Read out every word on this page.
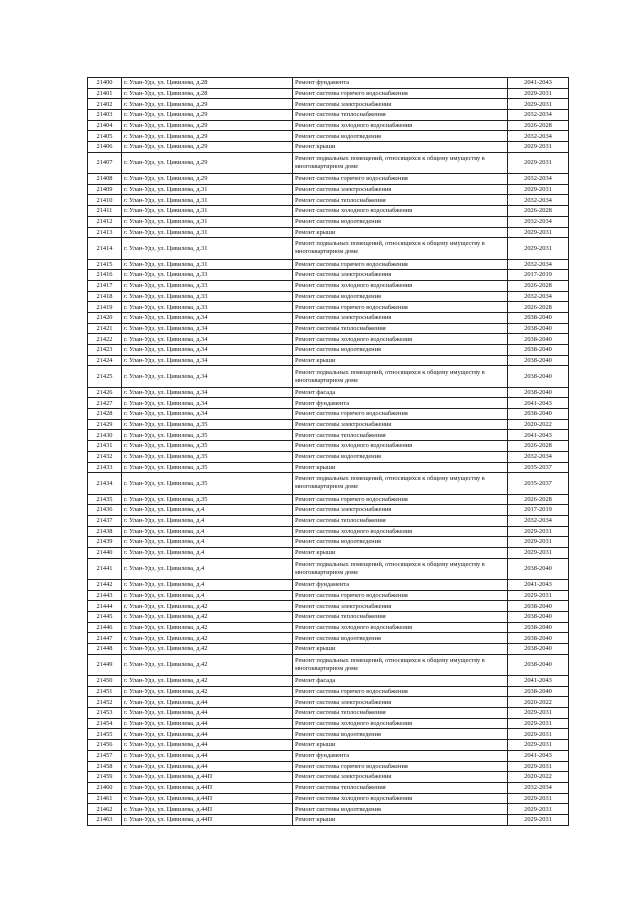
21400	г. Улан-Удэ, ул. Цивилева, д.28	Ремонт фундамента	2041-2043
21401	г. Улан-Удэ, ул. Цивилева, д.28	Ремонт системы горячего водоснабжения	2029-2031
21402	г. Улан-Удэ, ул. Цивилева, д.29	Ремонт системы электроснабжения	2029-2031
21403	г. Улан-Удэ, ул. Цивилева, д.29	Ремонт системы теплоснабжения	2032-2034
21404	г. Улан-Удэ, ул. Цивилева, д.29	Ремонт системы холодного водоснабжения	2026-2028
21405	г. Улан-Удэ, ул. Цивилева, д.29	Ремонт системы водоотведения	2032-2034
21406	г. Улан-Удэ, ул. Цивилева, д.29	Ремонт крыши	2029-2031
21407	г. Улан-Удэ, ул. Цивилева, д.29	Ремонт подвальных помещений, относящихся к общему имуществу в многоквартирном доме	2029-2031
21408	г. Улан-Удэ, ул. Цивилева, д.29	Ремонт системы горячего водоснабжения	2032-2034
21409	г. Улан-Удэ, ул. Цивилева, д.31	Ремонт системы электроснабжения	2029-2031
21410	г. Улан-Удэ, ул. Цивилева, д.31	Ремонт системы теплоснабжения	2032-2034
21411	г. Улан-Удэ, ул. Цивилева, д.31	Ремонт системы холодного водоснабжения	2026-2028
21412	г. Улан-Удэ, ул. Цивилева, д.31	Ремонт системы водоотведения	2032-2034
21413	г. Улан-Удэ, ул. Цивилева, д.31	Ремонт крыши	2029-2031
21414	г. Улан-Удэ, ул. Цивилева, д.31	Ремонт подвальных помещений, относящихся к общему имуществу в многоквартирном доме	2029-2031
21415	г. Улан-Удэ, ул. Цивилева, д.31	Ремонт системы горячего водоснабжения	2032-2034
21416	г. Улан-Удэ, ул. Цивилева, д.33	Ремонт системы электроснабжения	2017-2019
21417	г. Улан-Удэ, ул. Цивилева, д.33	Ремонт системы холодного водоснабжения	2026-2028
21418	г. Улан-Удэ, ул. Цивилева, д.33	Ремонт системы водоотведения	2032-2034
21419	г. Улан-Удэ, ул. Цивилева, д.33	Ремонт системы горячего водоснабжения	2026-2028
21420	г. Улан-Удэ, ул. Цивилева, д.34	Ремонт системы электроснабжения	2038-2040
21421	г. Улан-Удэ, ул. Цивилева, д.34	Ремонт системы теплоснабжения	2038-2040
21422	г. Улан-Удэ, ул. Цивилева, д.34	Ремонт системы холодного водоснабжения	2038-2040
21423	г. Улан-Удэ, ул. Цивилева, д.34	Ремонт системы водоотведения	2038-2040
21424	г. Улан-Удэ, ул. Цивилева, д.34	Ремонт крыши	2038-2040
21425	г. Улан-Удэ, ул. Цивилева, д.34	Ремонт подвальных помещений, относящихся к общему имуществу в многоквартирном доме	2038-2040
21426	г. Улан-Удэ, ул. Цивилева, д.34	Ремонт фасада	2038-2040
21427	г. Улан-Удэ, ул. Цивилева, д.34	Ремонт фундамента	2041-2043
21428	г. Улан-Удэ, ул. Цивилева, д.34	Ремонт системы горячего водоснабжения	2038-2040
21429	г. Улан-Удэ, ул. Цивилева, д.35	Ремонт системы электроснабжения	2020-2022
21430	г. Улан-Удэ, ул. Цивилева, д.35	Ремонт системы теплоснабжения	2041-2043
21431	г. Улан-Удэ, ул. Цивилева, д.35	Ремонт системы холодного водоснабжения	2026-2028
21432	г. Улан-Удэ, ул. Цивилева, д.35	Ремонт системы водоотведения	2032-2034
21433	г. Улан-Удэ, ул. Цивилева, д.35	Ремонт крыши	2035-2037
21434	г. Улан-Удэ, ул. Цивилева, д.35	Ремонт подвальных помещений, относящихся к общему имуществу в многоквартирном доме	2035-2037
21435	г. Улан-Удэ, ул. Цивилева, д.35	Ремонт системы горячего водоснабжения	2026-2028
21436	г. Улан-Удэ, ул. Цивилева, д.4	Ремонт системы электроснабжения	2017-2019
21437	г. Улан-Удэ, ул. Цивилева, д.4	Ремонт системы теплоснабжения	2032-2034
21438	г. Улан-Удэ, ул. Цивилева, д.4	Ремонт системы холодного водоснабжения	2029-2031
21439	г. Улан-Удэ, ул. Цивилева, д.4	Ремонт системы водоотведения	2029-2031
21440	г. Улан-Удэ, ул. Цивилева, д.4	Ремонт крыши	2029-2031
21441	г. Улан-Удэ, ул. Цивилева, д.4	Ремонт подвальных помещений, относящихся к общему имуществу в многоквартирном доме	2038-2040
21442	г. Улан-Удэ, ул. Цивилева, д.4	Ремонт фундамента	2041-2043
21443	г. Улан-Удэ, ул. Цивилева, д.4	Ремонт системы горячего водоснабжения	2029-2031
21444	г. Улан-Удэ, ул. Цивилева, д.42	Ремонт системы электроснабжения	2038-2040
21445	г. Улан-Удэ, ул. Цивилева, д.42	Ремонт системы теплоснабжения	2038-2040
21446	г. Улан-Удэ, ул. Цивилева, д.42	Ремонт системы холодного водоснабжения	2038-2040
21447	г. Улан-Удэ, ул. Цивилева, д.42	Ремонт системы водоотведения	2038-2040
21448	г. Улан-Удэ, ул. Цивилева, д.42	Ремонт крыши	2038-2040
21449	г. Улан-Удэ, ул. Цивилева, д.42	Ремонт подвальных помещений, относящихся к общему имуществу в многоквартирном доме	2038-2040
21450	г. Улан-Удэ, ул. Цивилева, д.42	Ремонт фасада	2041-2043
21451	г. Улан-Удэ, ул. Цивилева, д.42	Ремонт системы горячего водоснабжения	2038-2040
21452	г. Улан-Удэ, ул. Цивилева, д.44	Ремонт системы электроснабжения	2020-2022
21453	г. Улан-Удэ, ул. Цивилева, д.44	Ремонт системы теплоснабжения	2029-2031
21454	г. Улан-Удэ, ул. Цивилева, д.44	Ремонт системы холодного водоснабжения	2029-2031
21455	г. Улан-Удэ, ул. Цивилева, д.44	Ремонт системы водоотведения	2029-2031
21456	г. Улан-Удэ, ул. Цивилева, д.44	Ремонт крыши	2029-2031
21457	г. Улан-Удэ, ул. Цивилева, д.44	Ремонт фундамента	2041-2043
21458	г. Улан-Удэ, ул. Цивилева, д.44	Ремонт системы горячего водоснабжения	2029-2031
21459	г. Улан-Удэ, ул. Цивилева, д.44П	Ремонт системы электроснабжения	2020-2022
21460	г. Улан-Удэ, ул. Цивилева, д.44П	Ремонт системы теплоснабжения	2032-2034
21461	г. Улан-Удэ, ул. Цивилева, д.44П	Ремонт системы холодного водоснабжения	2029-2031
21462	г. Улан-Удэ, ул. Цивилева, д.44П	Ремонт системы водоотведения	2029-2031
21463	г. Улан-Удэ, ул. Цивилева, д.44П	Ремонт крыши	2029-2031
